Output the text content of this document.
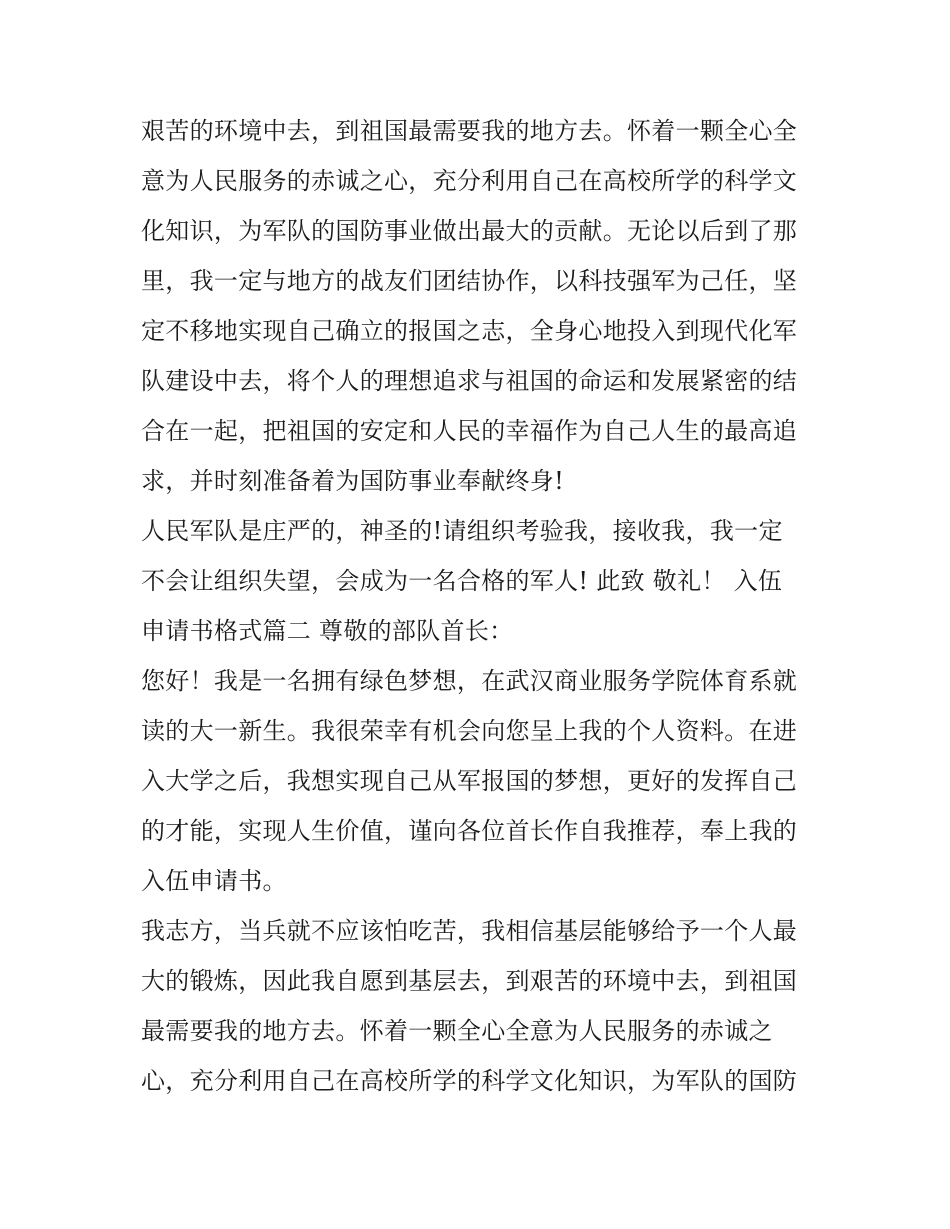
艰苦的环境中去，到祖国最需要我的地方去。怀着一颗全心全
意为人民服务的赤诚之心，充分利用自己在高校所学的科学文
化知识，为军队的国防事业做出最大的贡献。无论以后到了那
里，我一定与地方的战友们团结协作，以科技强军为己任，坚
定不移地实现自己确立的报国之志，全身心地投入到现代化军
队建设中去，将个人的理想追求与祖国的命运和发展紧密的结
合在一起，把祖国的安定和人民的幸福作为自己人生的最高追
求，并时刻准备着为国防事业奉献终身!
人民军队是庄严的，神圣的!请组织考验我，接收我，我一定
不会让组织失望，会成为一名合格的军人! 此致 敬礼！ 入伍
申请书格式篇二 尊敬的部队首长：
您好！我是一名拥有绿色梦想，在武汉商业服务学院体育系就
读的大一新生。我很荣幸有机会向您呈上我的个人资料。在进
入大学之后，我想实现自己从军报国的梦想，更好的发挥自己
的才能，实现人生价值，谨向各位首长作自我推荐，奉上我的
入伍申请书。
我志方，当兵就不应该怕吃苦，我相信基层能够给予一个人最
大的锻炼，因此我自愿到基层去，到艰苦的环境中去，到祖国
最需要我的地方去。怀着一颗全心全意为人民服务的赤诚之
心，充分利用自己在高校所学的科学文化知识，为军队的国防
